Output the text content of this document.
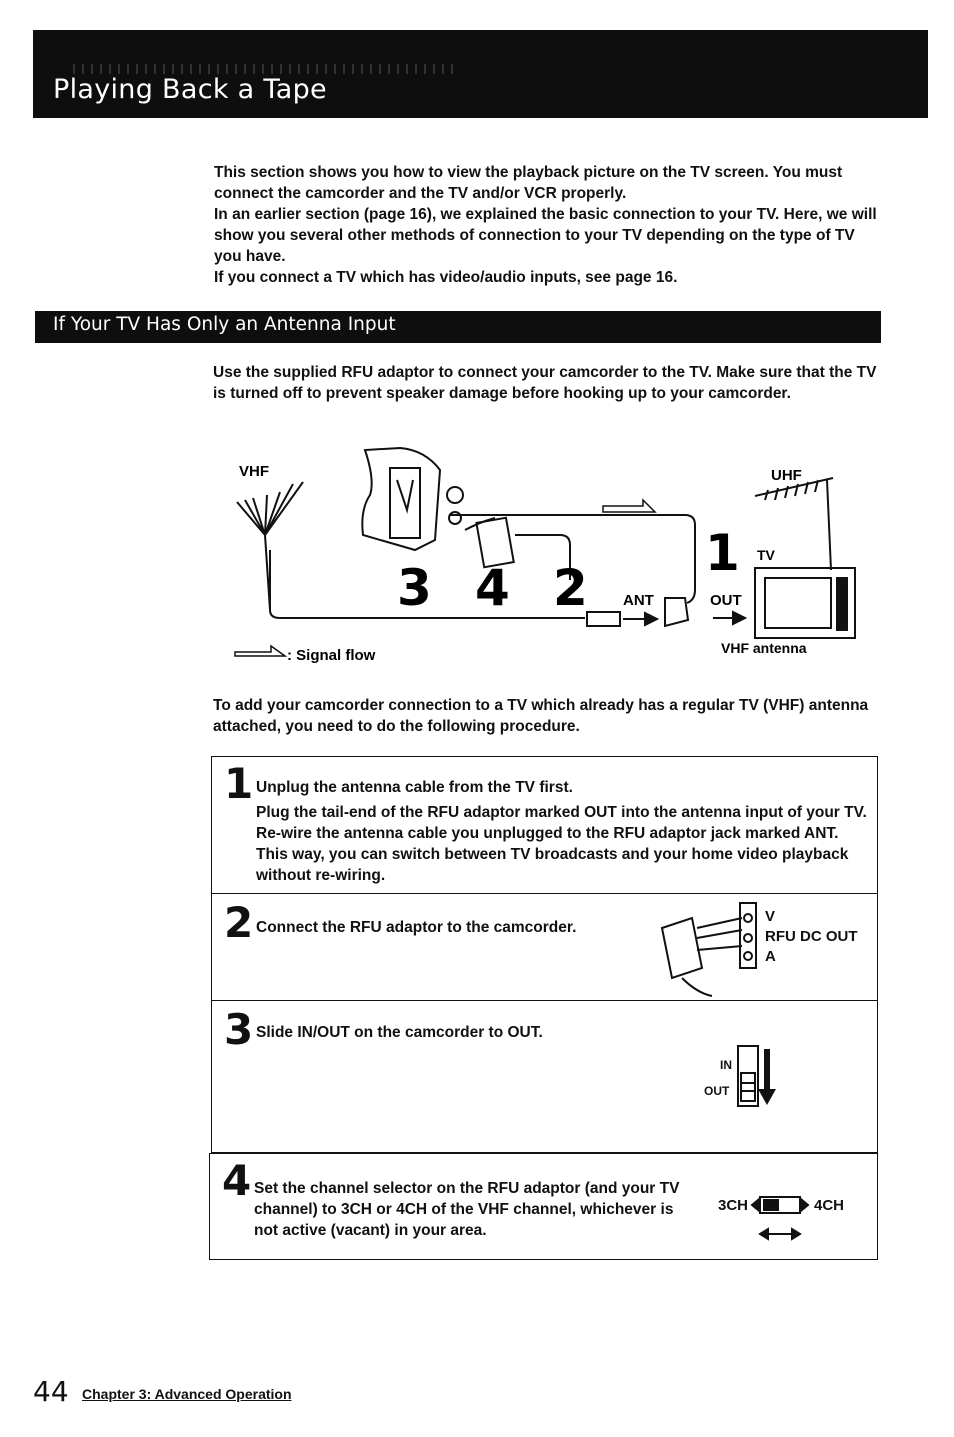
Playing Back a Tape

This section shows you how to view the playback picture on the TV screen. You must connect the camcorder and the TV and/or VCR properly.

In an earlier section (page 16), we explained the basic connection to your TV. Here, we will show you several other methods of connection to your TV depending on the type of TV you have.

If you connect a TV which has video/audio inputs, see page 16.

If Your TV Has Only an Antenna Input

Use the supplied RFU adaptor to connect your camcorder to the TV. Make sure that the TV is turned off to prevent speaker damage before hooking up to your camcorder.

VHF	UHF
TV
ANT	OUT
1
3 4 2
: Signal flow	VHF antenna

To add your camcorder connection to a TV which already has a regular TV (VHF) antenna attached, you need to do the following procedure.

1 Unplug the antenna cable from the TV first.
Plug the tail-end of the RFU adaptor marked OUT into the antenna input of your TV. Re-wire the antenna cable you unplugged to the RFU adaptor jack marked ANT. This way, you can switch between TV broadcasts and your home video playback without re-wiring.
2 Connect the RFU adaptor to the camcorder.
V
RFU DC OUT
A
3 Slide IN/OUT on the camcorder to OUT.
IN
OUT
4 Set the channel selector on the RFU adaptor (and your TV channel) to 3CH or 4CH of the VHF channel, whichever is not active (vacant) in your area.
3CH	4CH
44 Chapter 3: Advanced Operation
